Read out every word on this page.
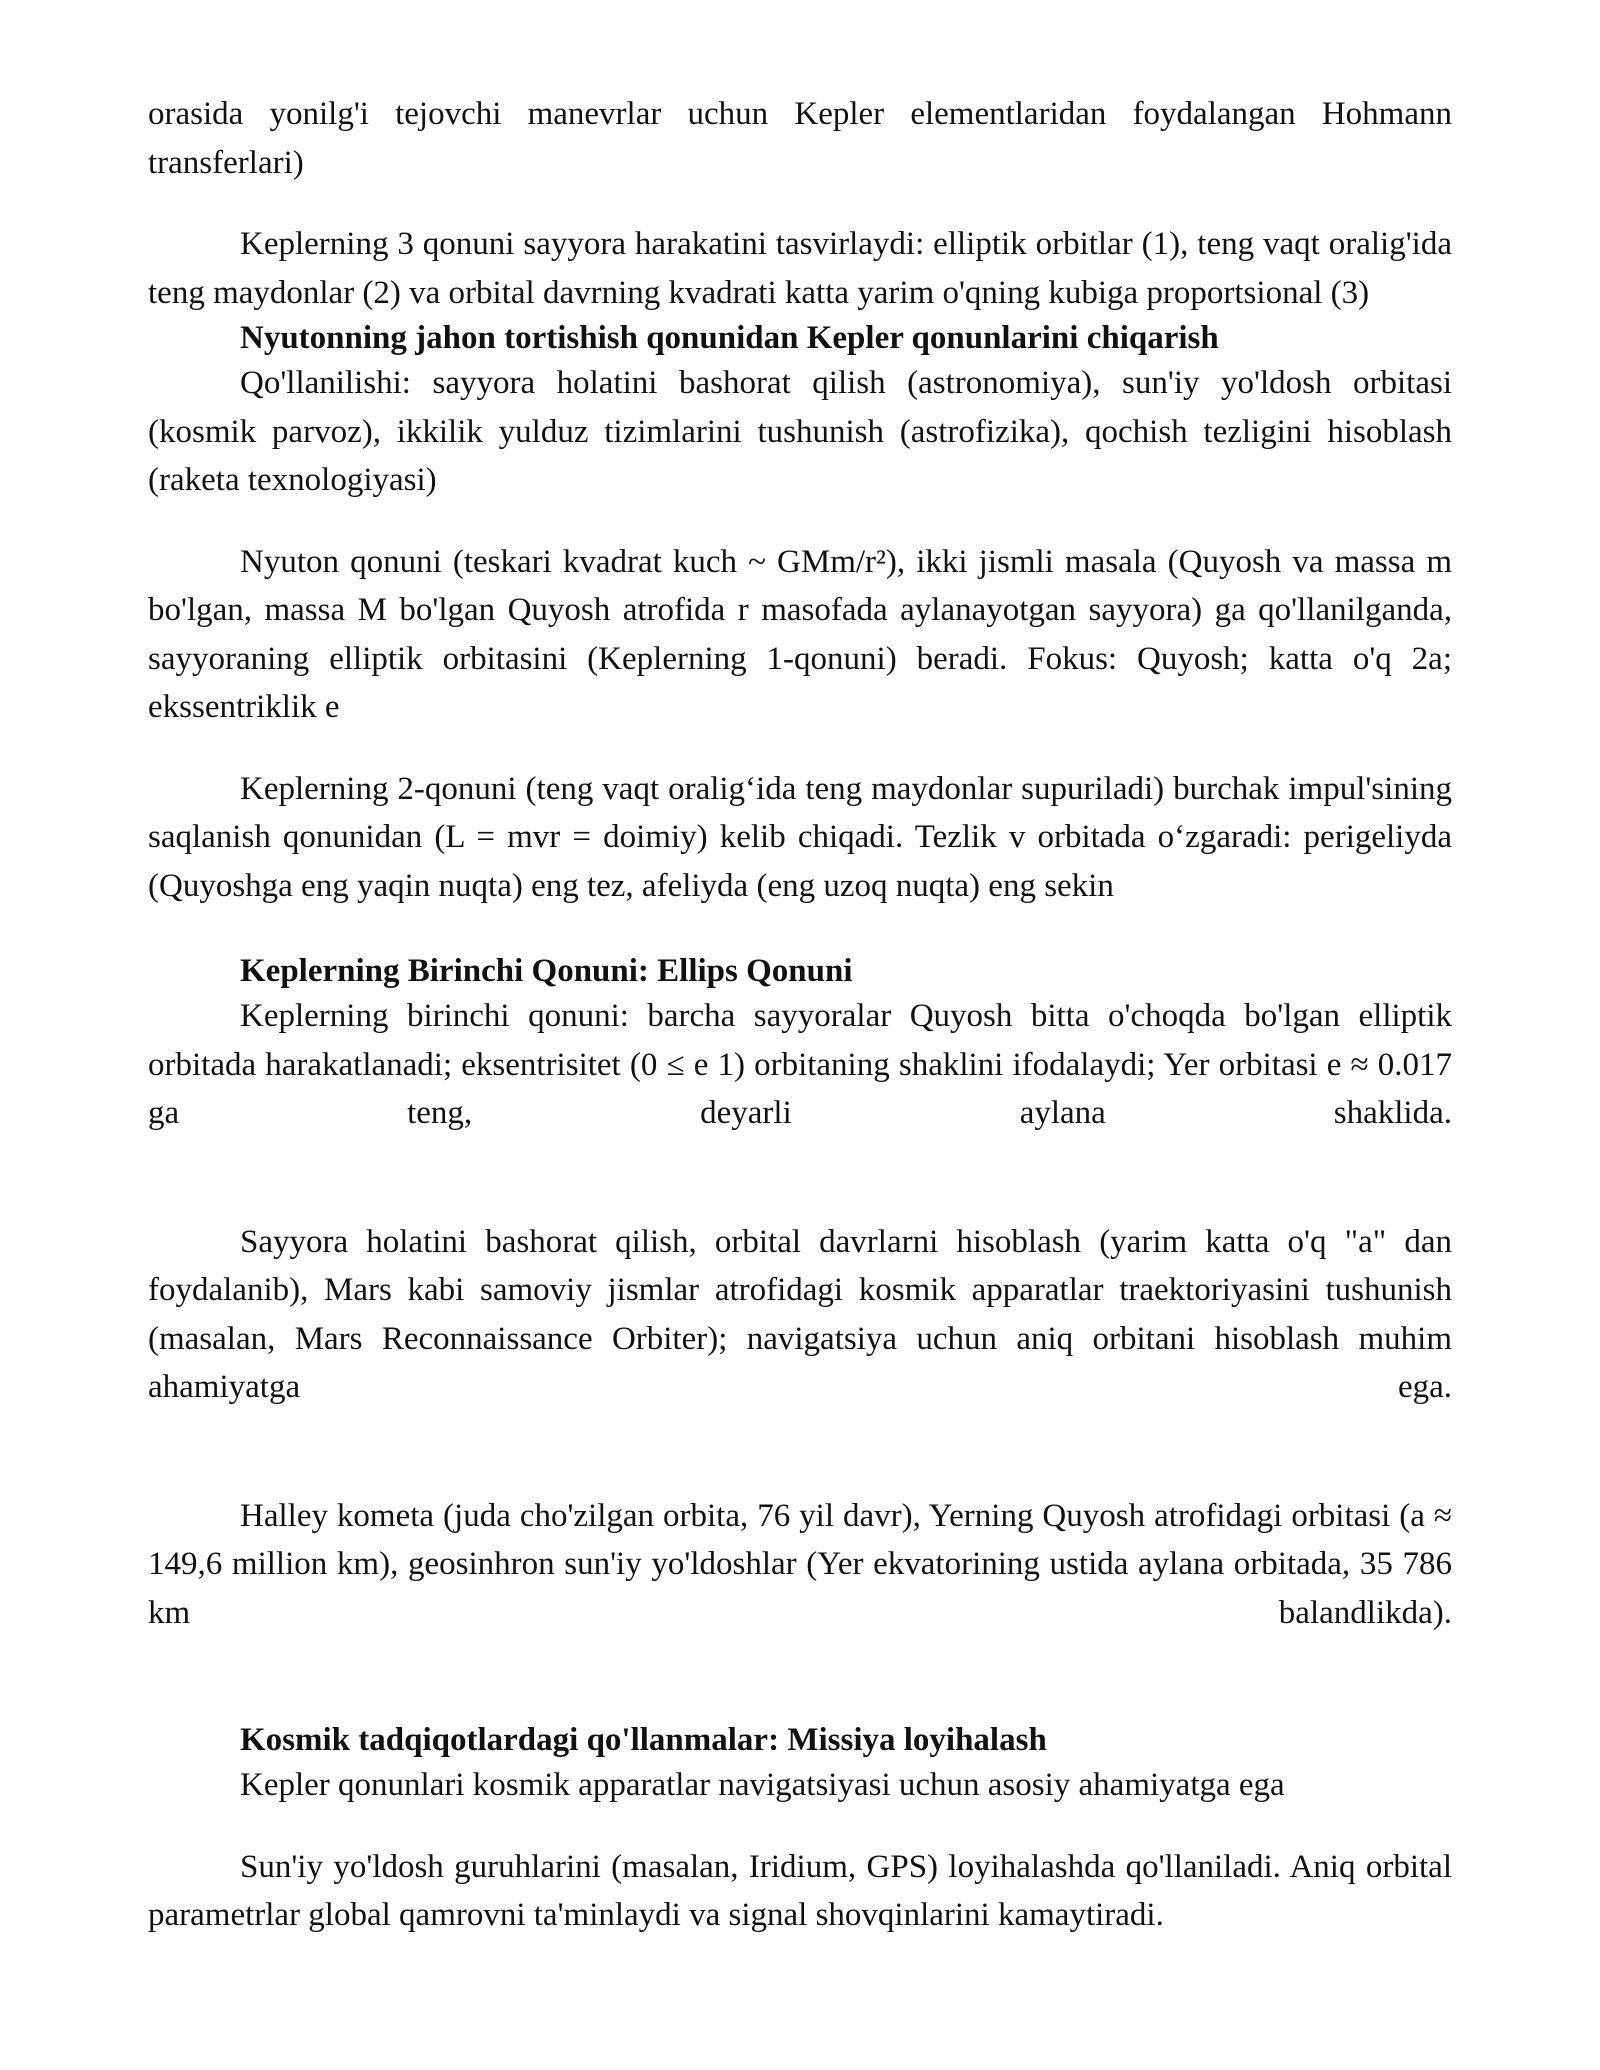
orasida yonilg'i tejovchi manevrlar uchun Kepler elementlaridan foydalangan Hohmann transferlari)

Keplerning 3 qonuni sayyora harakatini tasvirlaydi: elliptik orbitlar (1), teng vaqt oralig'ida teng maydonlar (2) va orbital davrning kvadrati katta yarim o'qning kubiga proportsional (3)

Nyutonning jahon tortishish qonunidan Kepler qonunlarini chiqarish

Qo'llanilishi: sayyora holatini bashorat qilish (astronomiya), sun'iy yo'ldosh orbitasi (kosmik parvoz), ikkilik yulduz tizimlarini tushunish (astrofizika), qochish tezligini hisoblash (raketa texnologiyasi)

Nyuton qonuni (teskari kvadrat kuch ~ GMm/r²), ikki jismli masala (Quyosh va massa m bo'lgan, massa M bo'lgan Quyosh atrofida r masofada aylanayotgan sayyora) ga qo'llanilganda, sayyoraning elliptik orbitasini (Keplerning 1-qonuni) beradi. Fokus: Quyosh; katta o'q 2a; ekssentriklik e

Keplerning 2-qonuni (teng vaqt oralig‘ida teng maydonlar supuriladi) burchak impul'sining saqlanish qonunidan (L = mvr = doimiy) kelib chiqadi. Tezlik v orbitada o‘zgaradi: perigeliyda (Quyoshga eng yaqin nuqta) eng tez, afeliyda (eng uzoq nuqta) eng sekin

Keplerning Birinchi Qonuni: Ellips Qonuni

Keplerning birinchi qonuni: barcha sayyoralar Quyosh bitta o'choqda bo'lgan elliptik orbitada harakatlanadi; eksentrisitet (0 ≤ e 1) orbitaning shaklini ifodalaydi; Yer orbitasi e ≈ 0.017 ga teng, deyarli aylana shaklida.

Sayyora holatini bashorat qilish, orbital davrlarni hisoblash (yarim katta o'q "a" dan foydalanib), Mars kabi samoviy jismlar atrofidagi kosmik apparatlar traektoriyasini tushunish (masalan, Mars Reconnaissance Orbiter); navigatsiya uchun aniq orbitani hisoblash muhim ahamiyatga ega.

Halley kometa (juda cho'zilgan orbita, 76 yil davr), Yerning Quyosh atrofidagi orbitasi (a ≈ 149,6 million km), geosinhron sun'iy yo'ldoshlar (Yer ekvatorining ustida aylana orbitada, 35 786 km balandlikda).

Kosmik tadqiqotlardagi qo'llanmalar: Missiya loyihalash

Kepler qonunlari kosmik apparatlar navigatsiyasi uchun asosiy ahamiyatga ega

Sun'iy yo'ldosh guruhlarini (masalan, Iridium, GPS) loyihalashda qo'llaniladi. Aniq orbital parametrlar global qamrovni ta'minlaydi va signal shovqinlarini kamaytiradi.
